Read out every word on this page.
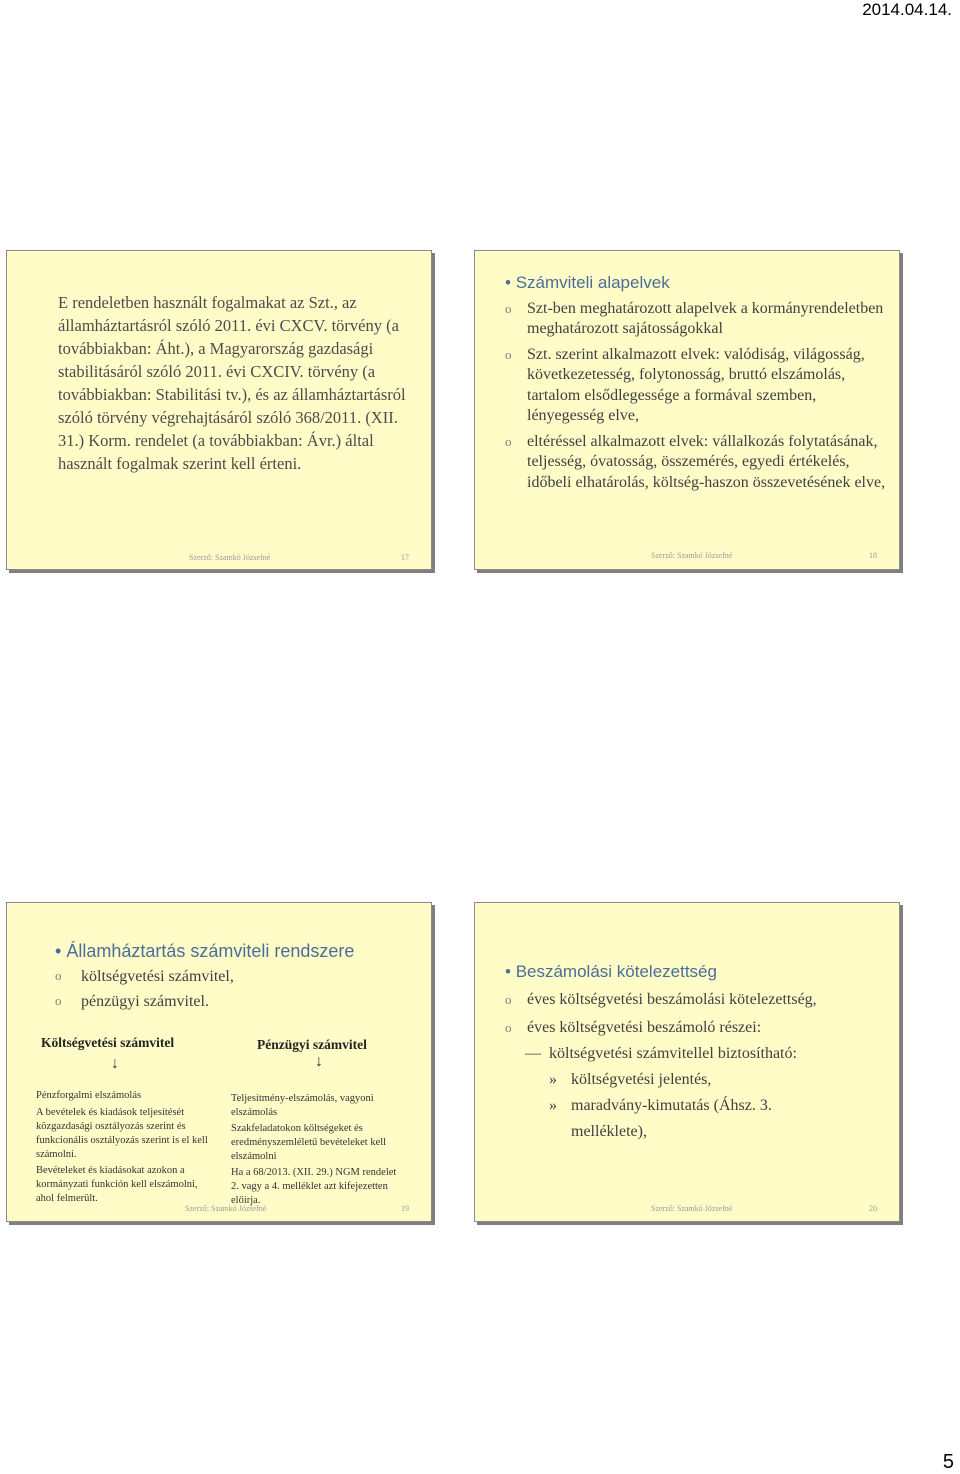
2014.04.14.
E rendeletben használt fogalmakat az Szt., az államháztartásról szóló 2011. évi CXCV. törvény (a továbbiakban: Áht.), a Magyarország gazdasági stabilitásáról szóló 2011. évi CXCIV. törvény (a továbbiakban: Stabilitási tv.), és az államháztartásról szóló törvény végrehajtásáról szóló 368/2011. (XII. 31.) Korm. rendelet (a továbbiakban: Ávr.) által használt fogalmak szerint kell érteni.
Szerző: Szamkó Józsefné	17
• Számviteli alapelvek
o Szt-ben meghatározott alapelvek a kormányrendeletben meghatározott sajátosságokkal
o Szt. szerint alkalmazott elvek: valódiság, világosság, következetesség, folytonosság, bruttó elszámolás, tartalom elsődlegessége a formával szemben, lényegesség elve,
o eltéréssel alkalmazott elvek: vállalkozás folytatásának, teljesség, óvatosság, összemérés, egyedi értékelés, időbeli elhatárolás, költség-haszon összevetésének elve,
Szerző: Szamkó Józsefné	18
• Államháztartás számviteli rendszere
o költségvetési számvitel,
o pénzügyi számvitel.
Költségvetési számvitel	Pénzügyi számvitel
↓	↓
Pénzforgalmi elszámolás
A bevételek és kiadások teljesítését közgazdasági osztályozás szerint és funkcionális osztályozás szerint is el kell számolni.
Bevételeket és kiadásokat azokon a kormányzati funkción kell elszámolni, ahol felmerült.
Teljesítmény-elszámolás, vagyoni elszámolás
Szakfeladatokon költségeket és eredményszemléletű bevételeket kell elszámolni
Ha a 68/2013. (XII. 29.) NGM rendelet 2. vagy a 4. melléklet azt kifejezetten előírja.
Szerző: Szamkó Józsefné	19
• Beszámolási kötelezettség
o éves költségvetési beszámolási kötelezettség,
o éves költségvetési beszámoló részei:
— költségvetési számvitellel biztosítható:
» költségvetési jelentés,
» maradvány-kimutatás (Áhsz. 3. melléklete),
Szerző: Szamkó Józsefné	20
5
